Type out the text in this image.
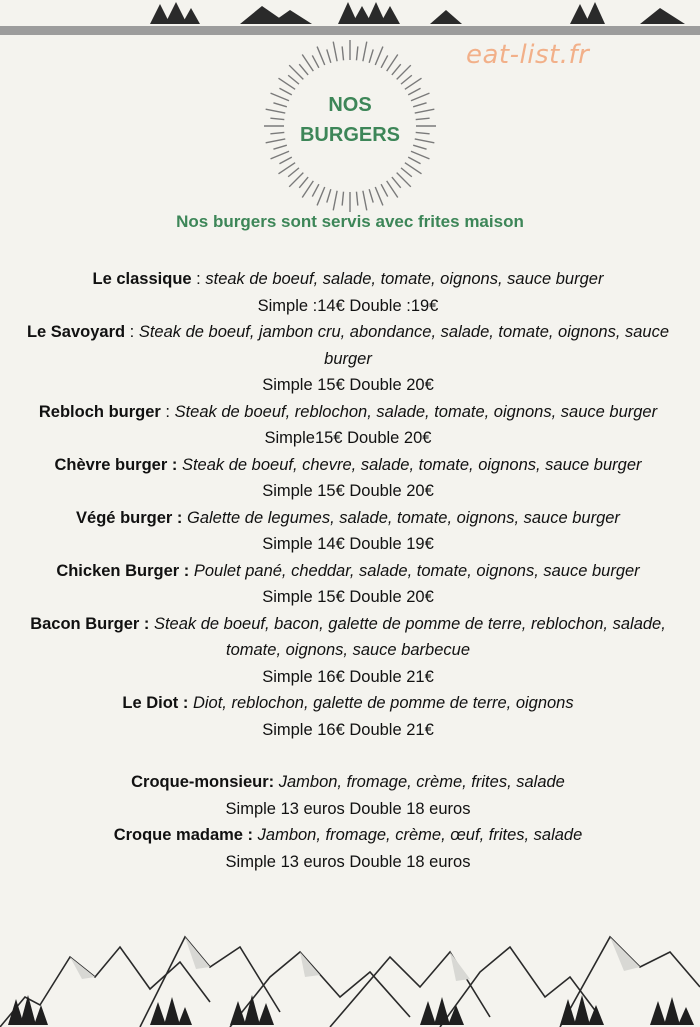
eat-list.fr
NOS
BURGERS
Nos burgers sont servis avec frites maison
Le classique : steak de boeuf, salade, tomate, oignons, sauce burger
Simple :14€ Double :19€
Le Savoyard : Steak de boeuf, jambon cru, abondance, salade, tomate, oignons, sauce burger
Simple 15€ Double 20€
Rebloch burger : Steak de boeuf, reblochon, salade, tomate, oignons, sauce burger
Simple15€ Double 20€
Chèvre burger : Steak de boeuf, chevre, salade, tomate, oignons, sauce burger
Simple 15€ Double 20€
Végé burger : Galette de legumes, salade, tomate, oignons, sauce burger
Simple 14€ Double 19€
Chicken Burger : Poulet pané, cheddar, salade, tomate, oignons, sauce burger
Simple 15€ Double 20€
Bacon Burger : Steak de boeuf, bacon, galette de pomme de terre, reblochon, salade, tomate, oignons, sauce barbecue
Simple 16€ Double 21€
Le Diot : Diot, reblochon, galette de pomme de terre, oignons
Simple 16€ Double 21€
Croque-monsieur: Jambon, fromage, crème, frites, salade
Simple 13 euros Double 18 euros
Croque madame : Jambon, fromage, crème, œuf, frites, salade
Simple 13 euros Double 18 euros
